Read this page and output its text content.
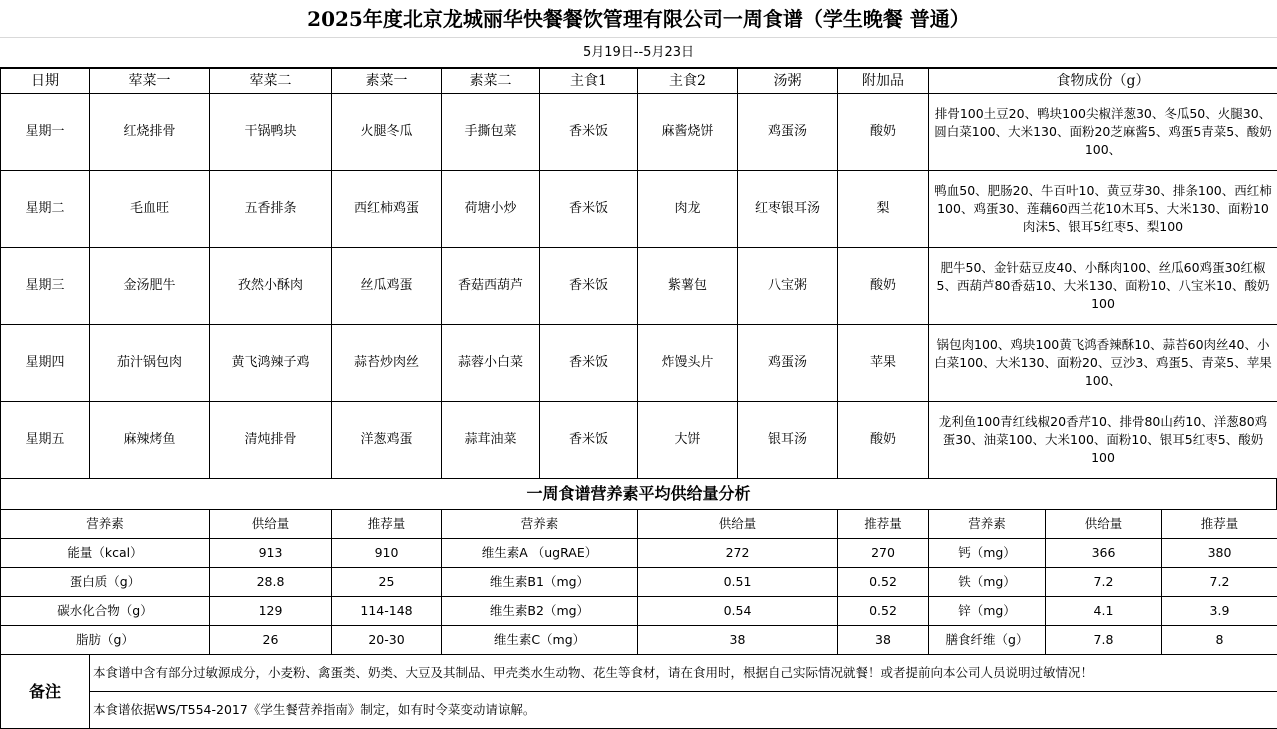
2025年度北京龙城丽华快餐餐饮管理有限公司一周食谱（学生晚餐 普通）
5月19日--5月23日
日期	荤菜一	荤菜二	素菜一	素菜二	主食1	主食2	汤粥	附加品	食物成份（g）
星期一	红烧排骨	干锅鸭块	火腿冬瓜	手撕包菜	香米饭	麻酱烧饼	鸡蛋汤	酸奶	排骨100土豆20、鸭块100尖椒洋葱30、冬瓜50、火腿30、圆白菜100、大米130、面粉20芝麻酱5、鸡蛋5青菜5、酸奶100、
星期二	毛血旺	五香排条	西红柿鸡蛋	荷塘小炒	香米饭	肉龙	红枣银耳汤	梨	鸭血50、肥肠20、牛百叶10、黄豆芽30、排条100、西红柿100、鸡蛋30、莲藕60西兰花10木耳5、大米130、面粉10肉沫5、银耳5红枣5、梨100
星期三	金汤肥牛	孜然小酥肉	丝瓜鸡蛋	香菇西葫芦	香米饭	紫薯包	八宝粥	酸奶	肥牛50、金针菇豆皮40、小酥肉100、丝瓜60鸡蛋30红椒5、西葫芦80香菇10、大米130、面粉10、八宝米10、酸奶100
星期四	茄汁锅包肉	黄飞鸿辣子鸡	蒜苔炒肉丝	蒜蓉小白菜	香米饭	炸馒头片	鸡蛋汤	苹果	锅包肉100、鸡块100黄飞鸿香辣酥10、蒜苔60肉丝40、小白菜100、大米130、面粉20、豆沙3、鸡蛋5、青菜5、苹果100、
星期五	麻辣烤鱼	清炖排骨	洋葱鸡蛋	蒜茸油菜	香米饭	大饼	银耳汤	酸奶	龙利鱼100青红线椒20香芹10、排骨80山药10、洋葱80鸡蛋30、油菜100、大米100、面粉10、银耳5红枣5、酸奶100
一周食谱营养素平均供给量分析
营养素	供给量	推荐量	营养素	供给量	推荐量	营养素	供给量	推荐量
能量（kcal）	913	910	维生素A （ugRAE）	272	270	钙（mg）	366	380
蛋白质（g）	28.8	25	维生素B1（mg）	0.51	0.52	铁（mg）	7.2	7.2
碳水化合物（g）	129	114-148	维生素B2（mg）	0.54	0.52	锌（mg）	4.1	3.9
脂肪（g）	26	20-30	维生素C（mg）	38	38	膳食纤维（g）	7.8	8
备注	本食谱中含有部分过敏源成分，小麦粉、禽蛋类、奶类、大豆及其制品、甲壳类水生动物、花生等食材，请在食用时，根据自己实际情况就餐！或者提前向本公司人员说明过敏情况！
本食谱依据WS/T554-2017《学生餐营养指南》制定，如有时令菜变动请谅解。
